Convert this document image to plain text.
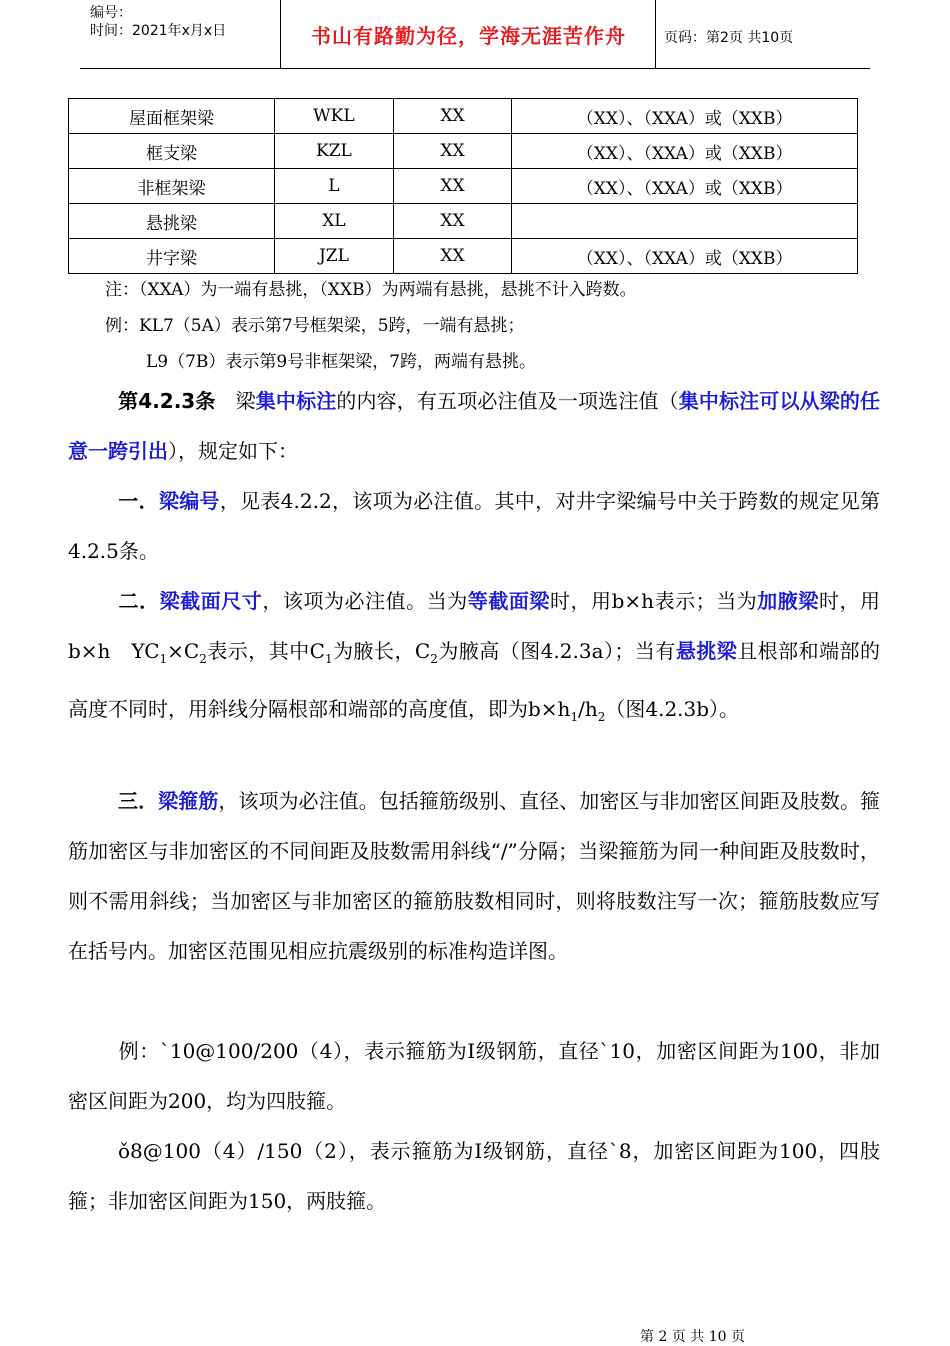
编号：
时间：2021年x月x日	书山有路勤为径，学海无涯苦作舟	页码：第2页 共10页
屋面框架梁	WKL	XX	（XX）、（XXA）或（XXB）
框支梁	KZL	XX	（XX）、（XXA）或（XXB）
非框架梁	L	XX	（XX）、（XXA）或（XXB）
悬挑梁	XL	XX	
井字梁	JZL	XX	（XX）、（XXA）或（XXB）
注：（XXA）为一端有悬挑，（XXB）为两端有悬挑，悬挑不计入跨数。
例：KL7（5A）表示第7号框架梁，5跨，一端有悬挑；
L9（7B）表示第9号非框架梁，7跨，两端有悬挑。

第4.2.3条　梁集中标注的内容，有五项必注值及一项选注值（集中标注可以从梁的任意一跨引出），规定如下：

一．梁编号，见表4.2.2，该项为必注值。其中，对井字梁编号中关于跨数的规定见第4.2.5条。

二．梁截面尺寸，该项为必注值。当为等截面梁时，用b×h表示；当为加腋梁时，用b×h　$YC_1\times C_2$表示，其中$C_1$为腋长，$C_2$为腋高（图4.2.3a）；当有悬挑梁且根部和端部的高度不同时，用斜线分隔根部和端部的高度值，即为$b\times h_1/h_2$（图4.2.3b）。

三．梁箍筋，该项为必注值。包括箍筋级别、直径、加密区与非加密区间距及肢数。箍筋加密区与非加密区的不同间距及肢数需用斜线“/”分隔；当梁箍筋为同一种间距及肢数时，则不需用斜线；当加密区与非加密区的箍筋肢数相同时，则将肢数注写一次；箍筋肢数应写在括号内。加密区范围见相应抗震级别的标准构造详图。

例：`10@100/200（4），表示箍筋为Ⅰ级钢筋，直径`10，加密区间距为100，非加密区间距为200，均为四肢箍。

ǒ8@100（4）/150（2），表示箍筋为Ⅰ级钢筋，直径`8，加密区间距为100，四肢箍；非加密区间距为150，两肢箍。

第 2 页 共 10 页
